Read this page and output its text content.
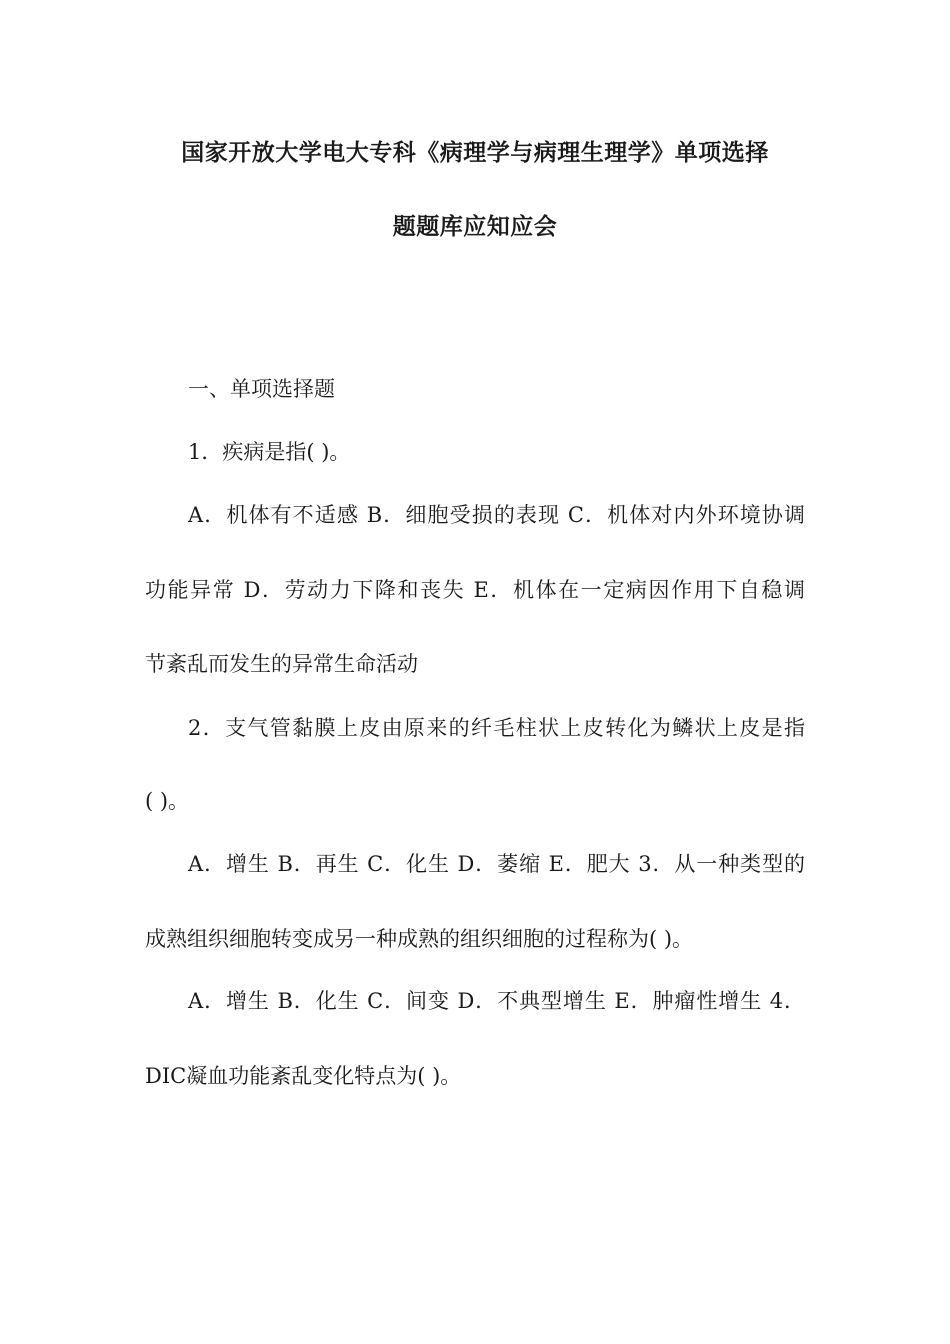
国家开放大学电大专科《病理学与病理生理学》单项选择
题题库应知应会
一、单项选择题
1．疾病是指( )。
A．机体有不适感 B．细胞受损的表现 C．机体对内外环境协调
功能异常 D．劳动力下降和丧失 E．机体在一定病因作用下自稳调
节紊乱而发生的异常生命活动
2．支气管黏膜上皮由原来的纤毛柱状上皮转化为鳞状上皮是指
( )。
A．增生 B．再生 C．化生 D．萎缩 E．肥大 3．从一种类型的
成熟组织细胞转变成另一种成熟的组织细胞的过程称为( )。
A．增生 B．化生 C．间变 D．不典型增生 E．肿瘤性增生 4．
DIC凝血功能紊乱变化特点为( )。
